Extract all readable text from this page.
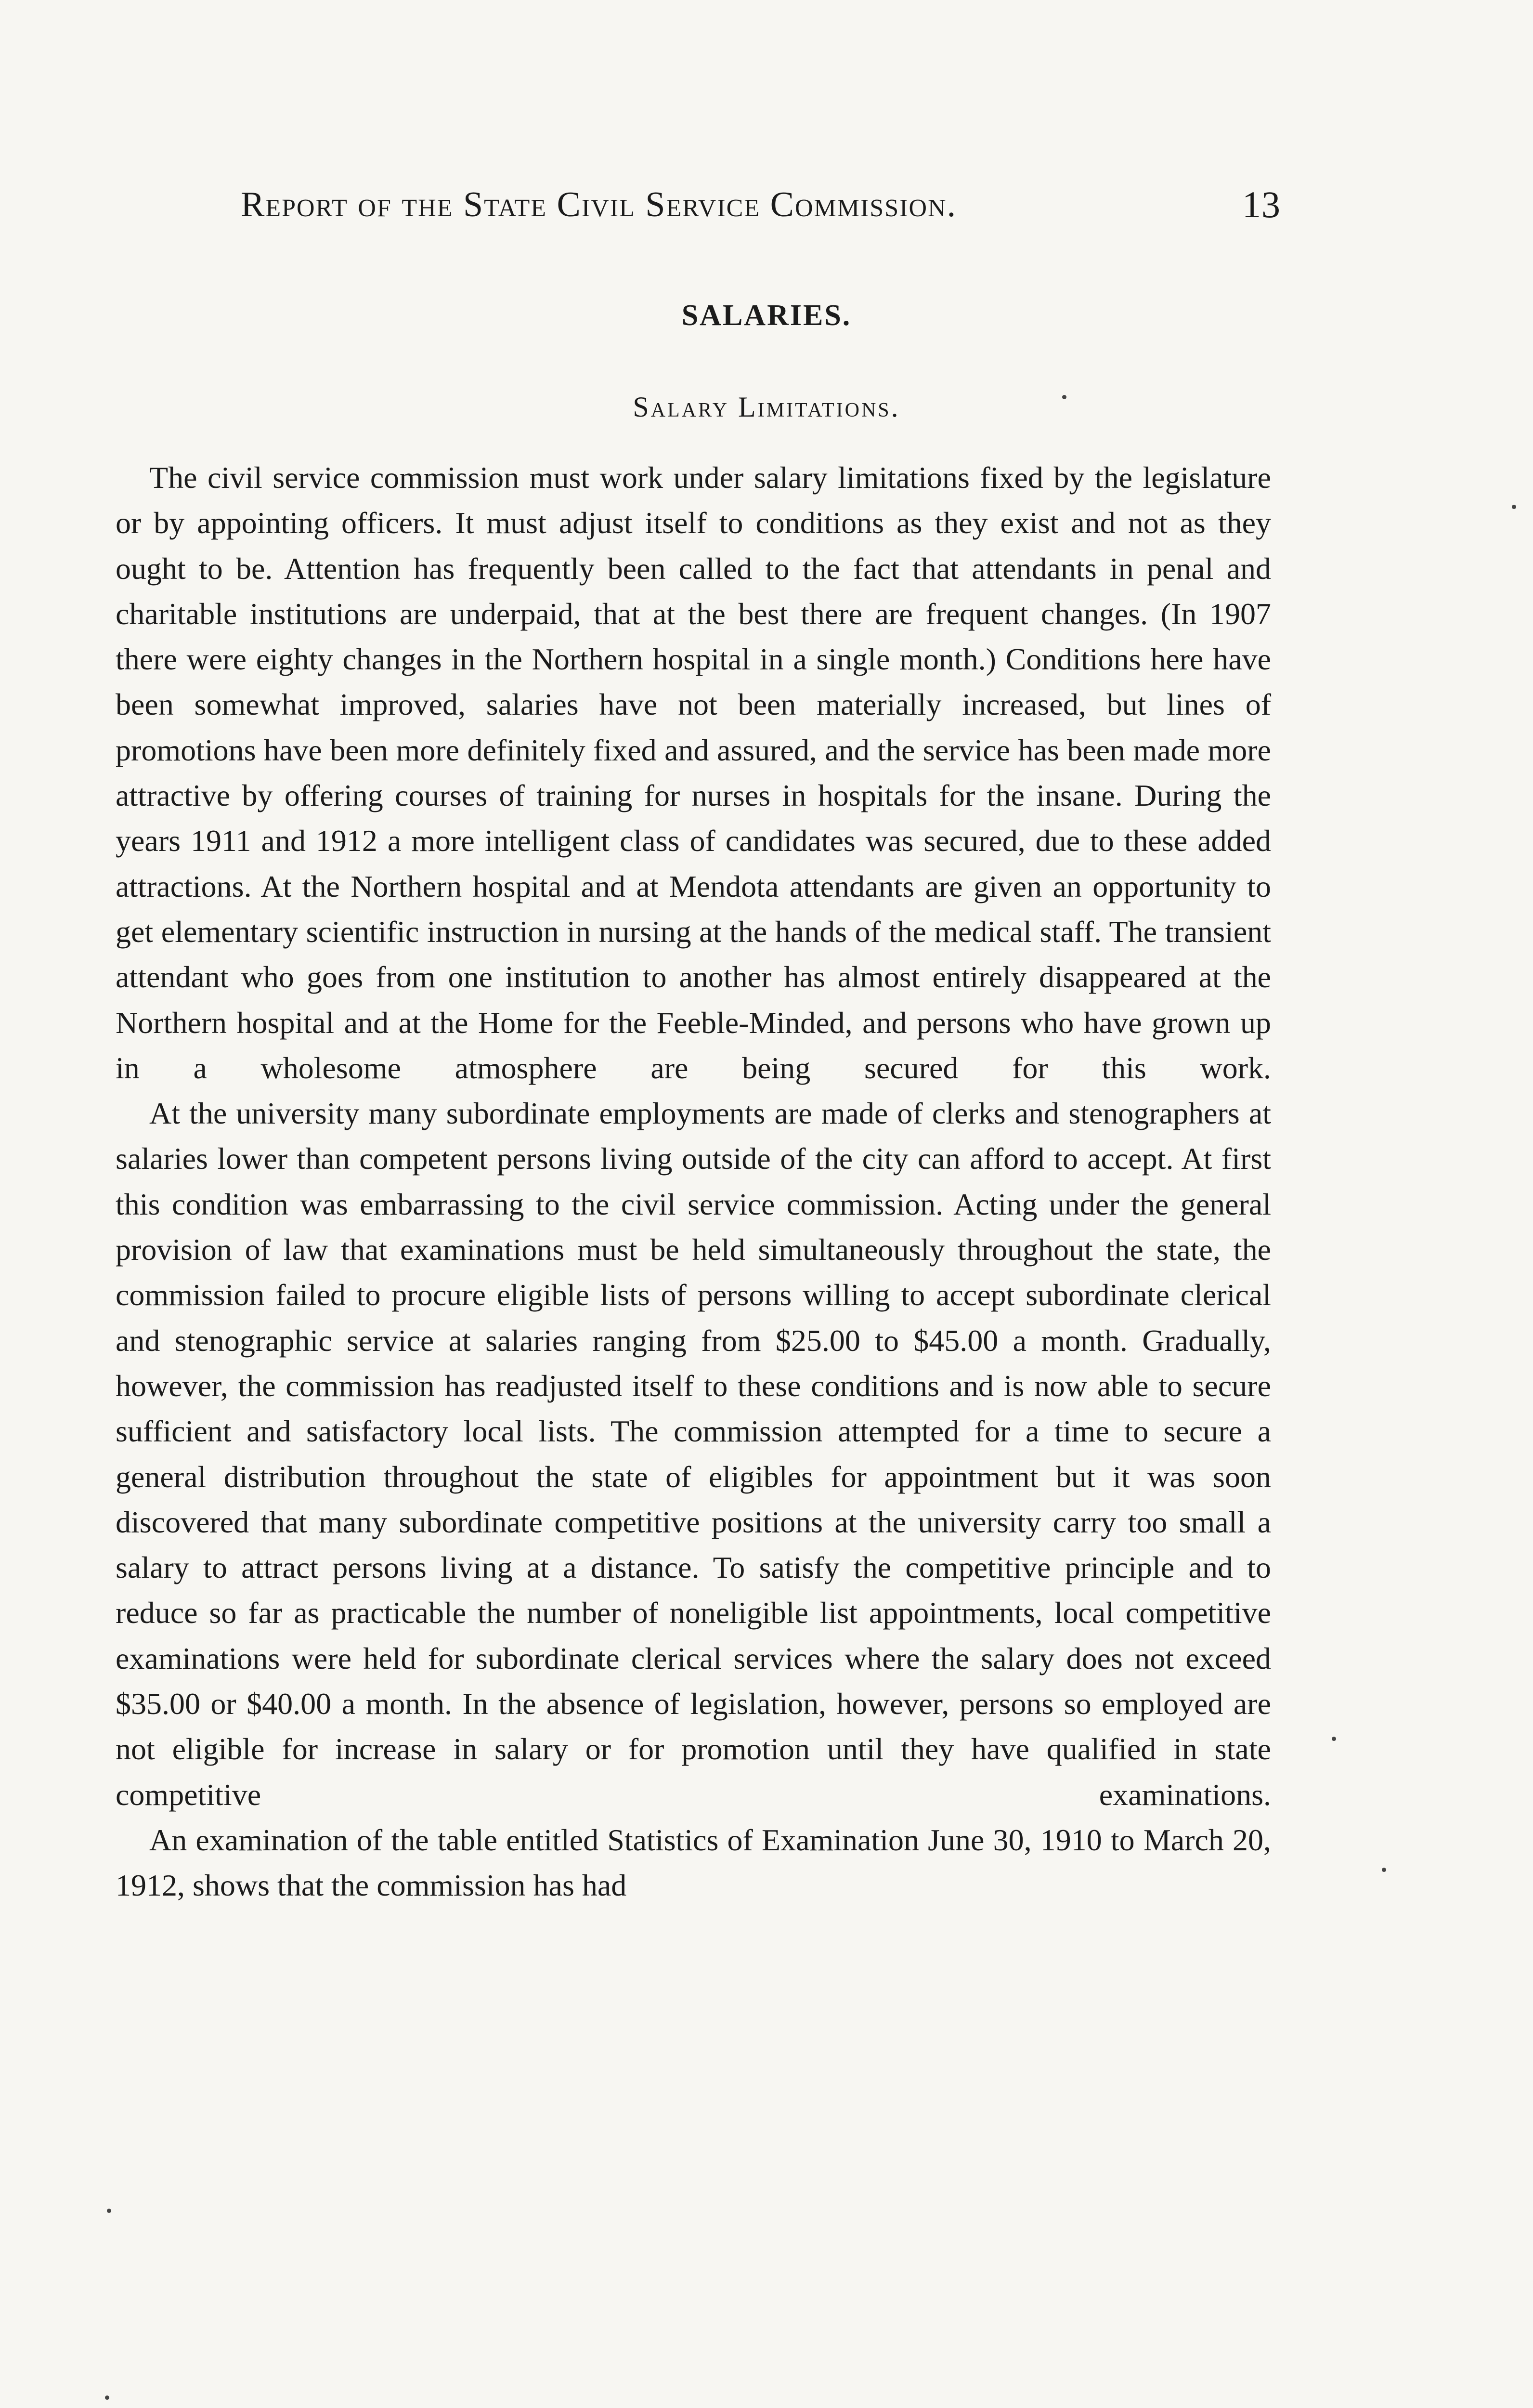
Report of the State Civil Service Commission.	13
SALARIES.
Salary Limitations.

The civil service commission must work under salary limitations fixed by the legislature or by appointing officers. It must adjust itself to conditions as they exist and not as they ought to be. Attention has frequently been called to the fact that attendants in penal and charitable institutions are underpaid, that at the best there are frequent changes. (In 1907 there were eighty changes in the Northern hospital in a single month.) Conditions here have been somewhat improved, salaries have not been materially increased, but lines of promotions have been more definitely fixed and assured, and the service has been made more attractive by offering courses of training for nurses in hospitals for the insane. During the years 1911 and 1912 a more intelligent class of candidates was secured, due to these added attractions. At the Northern hospital and at Mendota attendants are given an opportunity to get elementary scientific instruction in nursing at the hands of the medical staff. The transient attendant who goes from one institution to another has almost entirely disappeared at the Northern hospital and at the Home for the Feeble-Minded, and persons who have grown up in a wholesome atmosphere are being secured for this work.

At the university many subordinate employments are made of clerks and stenographers at salaries lower than competent persons living outside of the city can afford to accept. At first this condition was embarrassing to the civil service commission. Acting under the general provision of law that examinations must be held simultaneously throughout the state, the commission failed to procure eligible lists of persons willing to accept subordinate clerical and stenographic service at salaries ranging from $25.00 to $45.00 a month. Gradually, however, the commission has readjusted itself to these conditions and is now able to secure sufficient and satisfactory local lists. The commission attempted for a time to secure a general distribution throughout the state of eligibles for appointment but it was soon discovered that many subordinate competitive positions at the university carry too small a salary to attract persons living at a distance. To satisfy the competitive principle and to reduce so far as practicable the number of noneligible list appointments, local competitive examinations were held for subordinate clerical services where the salary does not exceed $35.00 or $40.00 a month. In the absence of legislation, however, persons so employed are not eligible for increase in salary or for promotion until they have qualified in state competitive examinations.

An examination of the table entitled Statistics of Examination June 30, 1910 to March 20, 1912, shows that the commission has had
